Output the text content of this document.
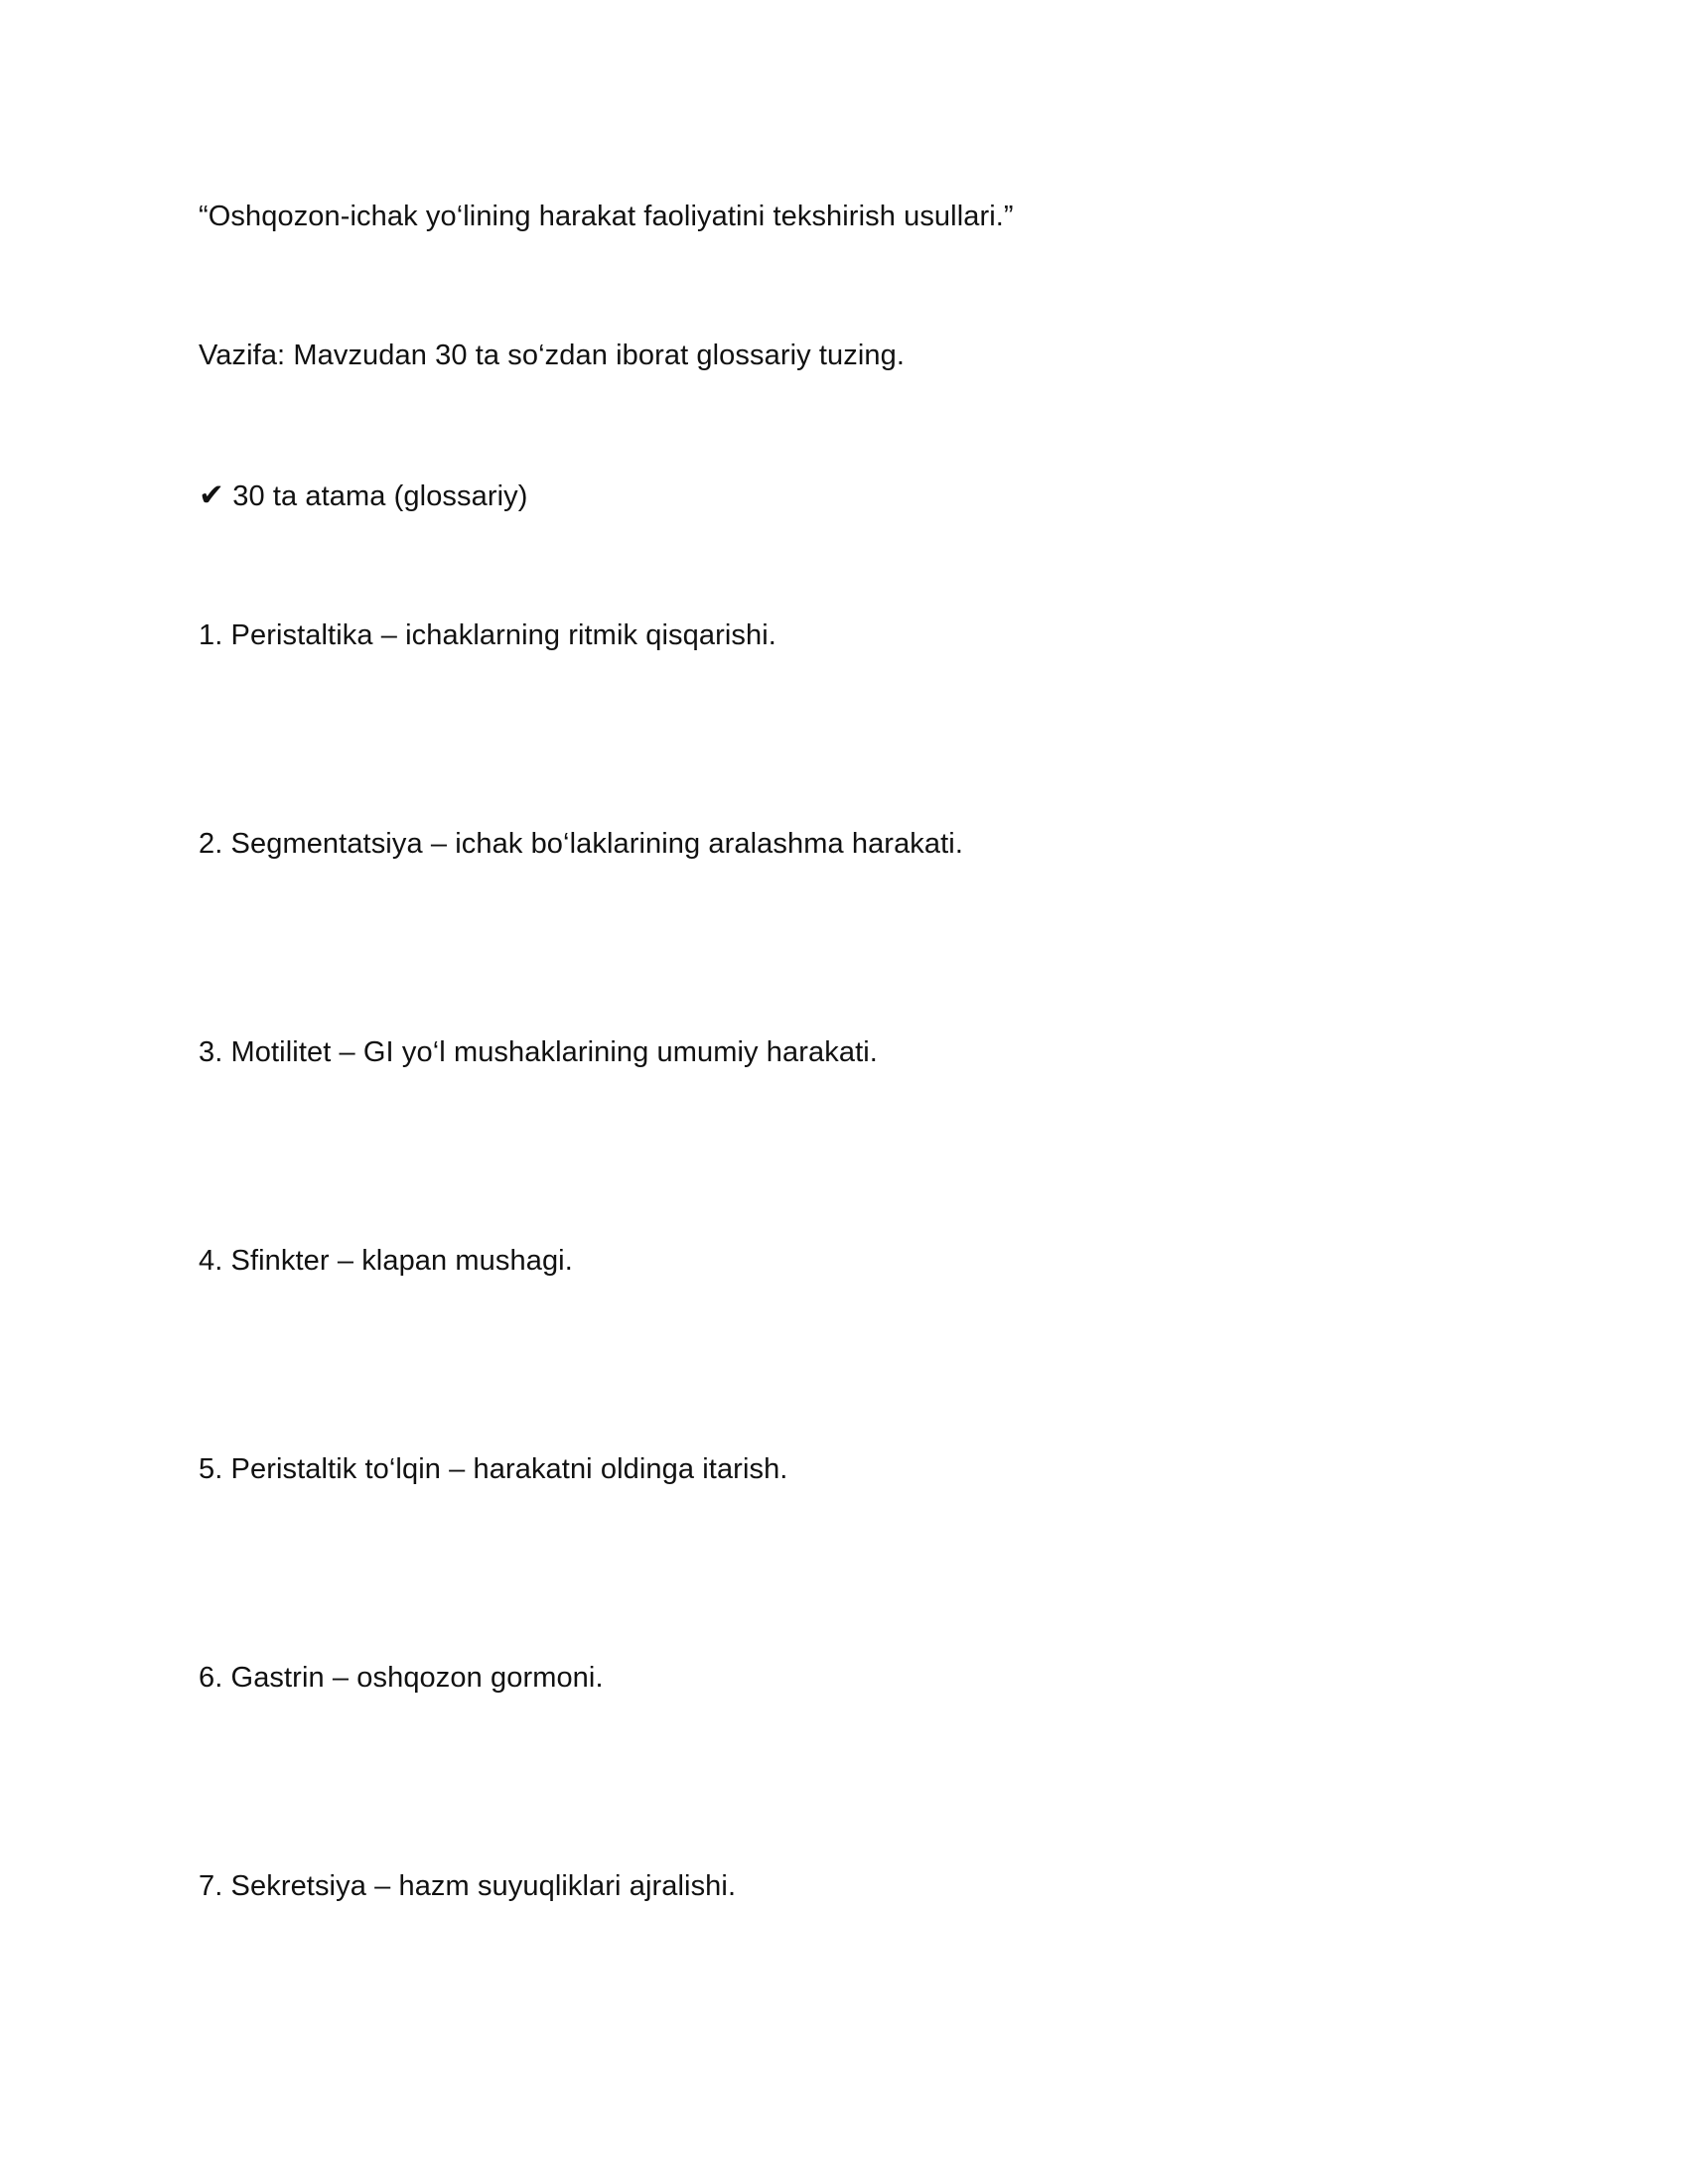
“Oshqozon-ichak yo‘lining harakat faoliyatini tekshirish usullari.”
Vazifa: Mavzudan 30 ta so‘zdan iborat glossariy tuzing.
✔ 30 ta atama (glossariy)
1. Peristaltika – ichaklarning ritmik qisqarishi.
2. Segmentatsiya – ichak bo‘laklarining aralashma harakati.
3. Motilitet – GI yo‘l mushaklarining umumiy harakati.
4. Sfinkter – klapan mushagi.
5. Peristaltik to‘lqin – harakatni oldinga itarish.
6. Gastrin – oshqozon gormoni.
7. Sekretsiya – hazm suyuqliklari ajralishi.
